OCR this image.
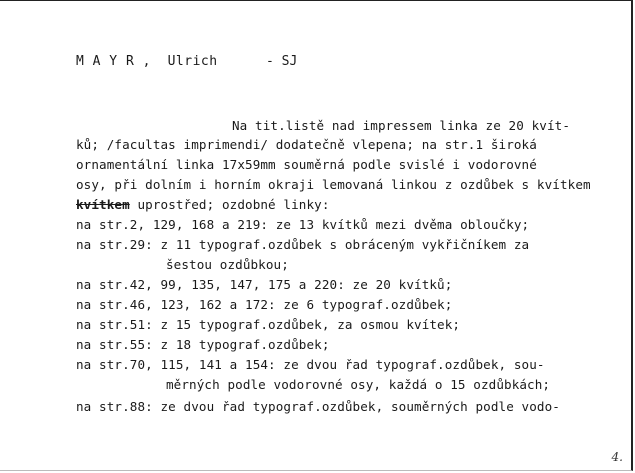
M A Y R ,  Ulrich

	- SJ

Na tit.listě nad impressem linka ze 20 kvít-
ků; /facultas imprimendi/ dodatečně vlepena; na str.1 široká
ornamentální linka 17x59mm souměrná podle svislé i vodorovné
osy, při dolním i horním okraji lemovaná linkou z ozdůbek s kvítkem
kvítkem uprostřed; ozdobné linky:
na str.2, 129, 168 a 219: ze 13 kvítků mezi dvěma obloučky;
na str.29: z 11 typograf.ozdůbek s obráceným vykřičníkem za
šestou ozdůbkou;
na str.42, 99, 135, 147, 175 a 220: ze 20 kvítků;
na str.46, 123, 162 a 172: ze 6 typograf.ozdůbek;
na str.51: z 15 typograf.ozdůbek, za osmou kvítek;
na str.55: z 18 typograf.ozdůbek;
na str.70, 115, 141 a 154: ze dvou řad typograf.ozdůbek, sou-
měrných podle vodorovné osy, každá o 15 ozdůbkách;
na str.88: ze dvou řad typograf.ozdůbek, souměrných podle vodo-
4.
